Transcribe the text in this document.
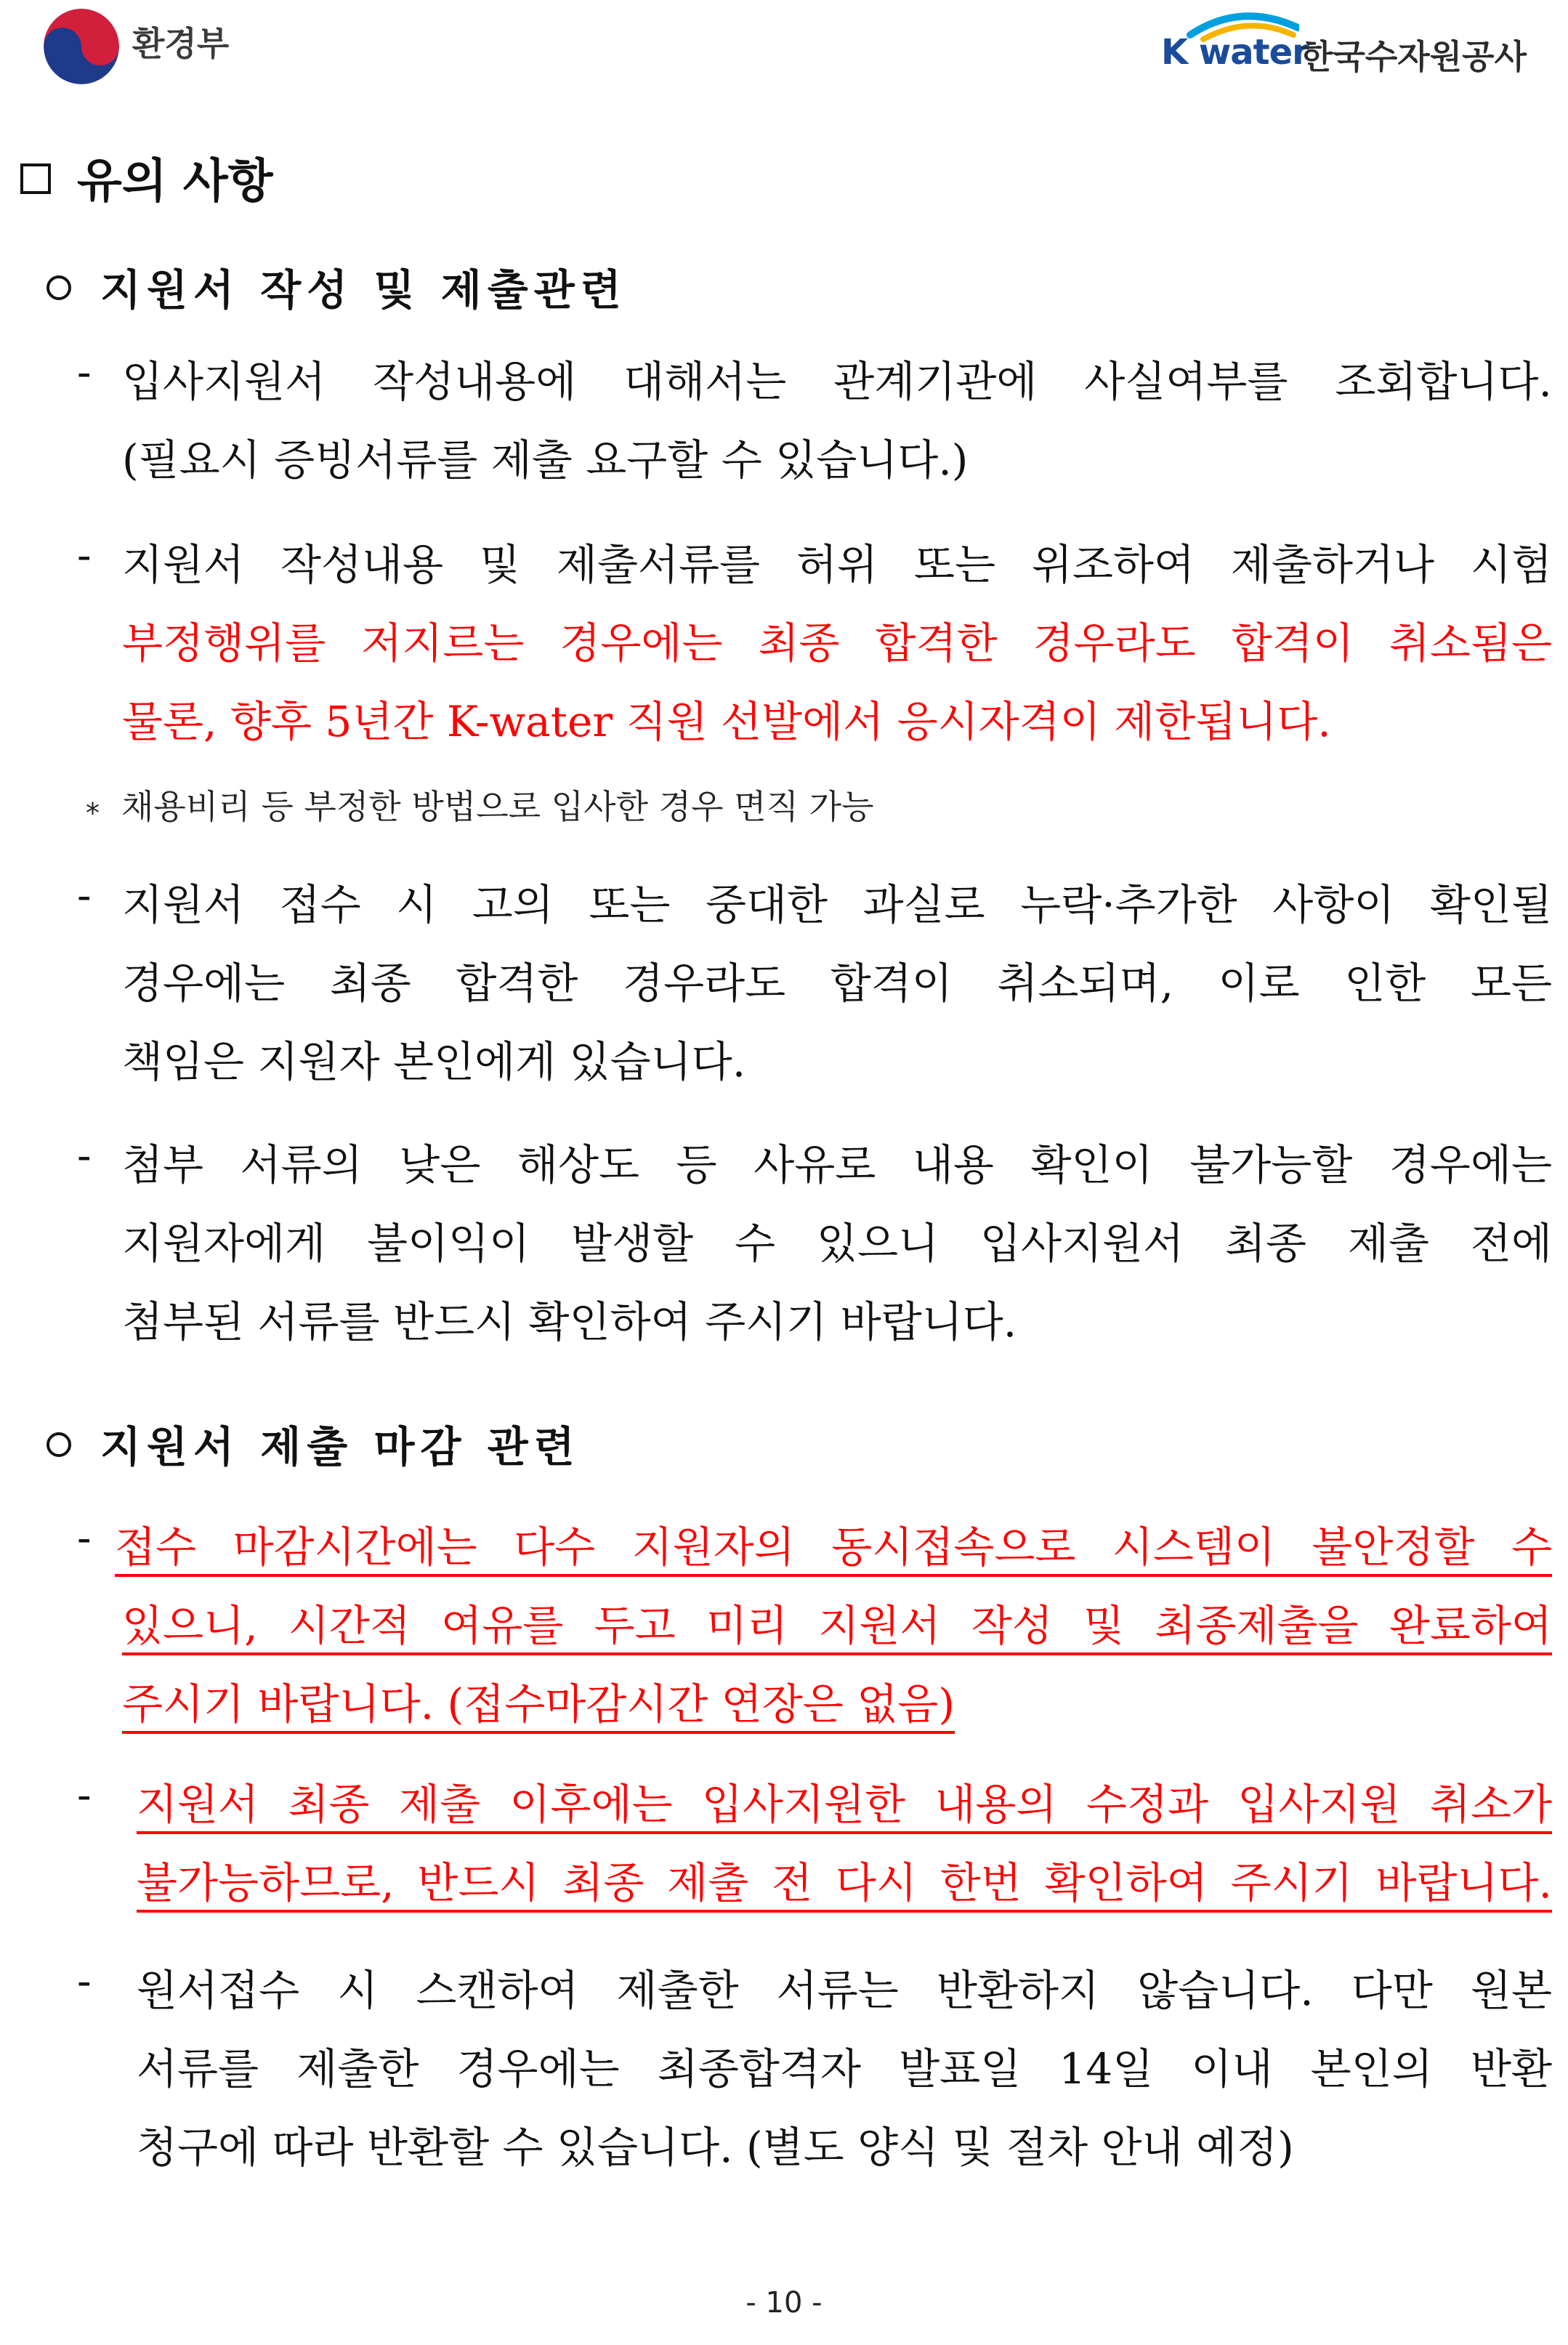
환경부	K water
한국수자원공사
유의 사항
지원서 작성 및 제출관련
- 입사지원서 작성내용에 대해서는 관계기관에 사실여부를 조회합니다.
(필요시 증빙서류를 제출 요구할 수 있습니다.)
- 지원서 작성내용 및 제출서류를 허위 또는 위조하여 제출하거나 시험
부정행위를 저지르는 경우에는 최종 합격한 경우라도 합격이 취소됨은
물론, 향후 5년간 K-water 직원 선발에서 응시자격이 제한됩니다.
* 채용비리 등 부정한 방법으로 입사한 경우 면직 가능
- 지원서 접수 시 고의 또는 중대한 과실로 누락·추가한 사항이 확인될
경우에는 최종 합격한 경우라도 합격이 취소되며, 이로 인한 모든
책임은 지원자 본인에게 있습니다.
- 첨부 서류의 낮은 해상도 등 사유로 내용 확인이 불가능할 경우에는
지원자에게 불이익이 발생할 수 있으니 입사지원서 최종 제출 전에
첨부된 서류를 반드시 확인하여 주시기 바랍니다.
지원서 제출 마감 관련
- 접수 마감시간에는 다수 지원자의 동시접속으로 시스템이 불안정할 수
있으니, 시간적 여유를 두고 미리 지원서 작성 및 최종제출을 완료하여
주시기 바랍니다. (접수마감시간 연장은 없음)
- 지원서 최종 제출 이후에는 입사지원한 내용의 수정과 입사지원 취소가
불가능하므로, 반드시 최종 제출 전 다시 한번 확인하여 주시기 바랍니다.
- 원서접수 시 스캔하여 제출한 서류는 반환하지 않습니다. 다만 원본
서류를 제출한 경우에는 최종합격자 발표일 14일 이내 본인의 반환
청구에 따라 반환할 수 있습니다. (별도 양식 및 절차 안내 예정)
- 10 -
